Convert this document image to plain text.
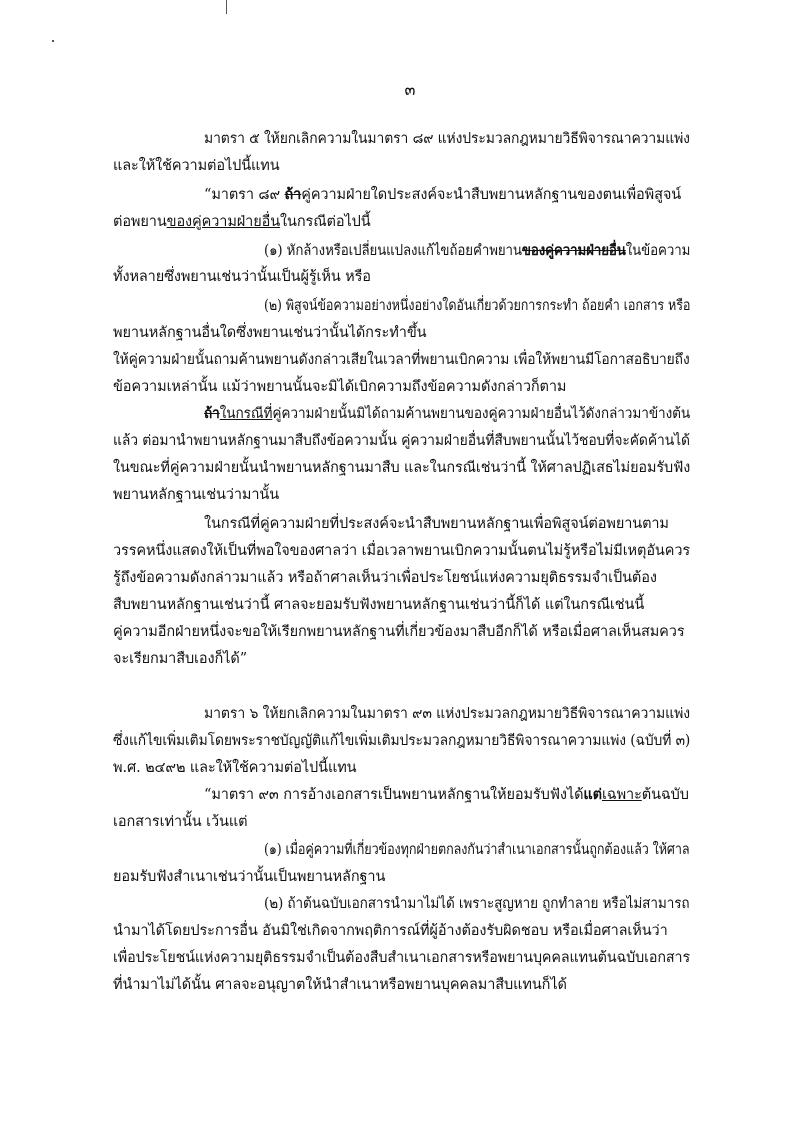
๓
มาตรา ๕ ให้ยกเลิกความในมาตรา ๘๙ แห่งประมวลกฎหมายวิธีพิจารณาความแพ่ง
และให้ใช้ความต่อไปนี้แทน
“มาตรา ๘๙ ถ้าคู่ความฝ่ายใดประสงค์จะนำสืบพยานหลักฐานของตนเพื่อพิสูจน์
ต่อพยานของคู่ความฝ่ายอื่นในกรณีต่อไปนี้
(๑) หักล้างหรือเปลี่ยนแปลงแก้ไขถ้อยคำพยานของคู่ความฝ่ายอื่นในข้อความ
ทั้งหลายซึ่งพยานเช่นว่านั้นเป็นผู้รู้เห็น หรือ
(๒) พิสูจน์ข้อความอย่างหนึ่งอย่างใดอันเกี่ยวด้วยการกระทำ ถ้อยคำ เอกสาร หรือ
พยานหลักฐานอื่นใดซึ่งพยานเช่นว่านั้นได้กระทำขึ้น
ให้คู่ความฝ่ายนั้นถามค้านพยานดังกล่าวเสียในเวลาที่พยานเบิกความ เพื่อให้พยานมีโอกาสอธิบายถึง
ข้อความเหล่านั้น แม้ว่าพยานนั้นจะมิได้เบิกความถึงข้อความดังกล่าวก็ตาม
ถ้าในกรณีที่คู่ความฝ่ายนั้นมิได้ถามค้านพยานของคู่ความฝ่ายอื่นไว้ดังกล่าวมาข้างต้น
แล้ว ต่อมานำพยานหลักฐานมาสืบถึงข้อความนั้น คู่ความฝ่ายอื่นที่สืบพยานนั้นไว้ชอบที่จะคัดค้านได้
ในขณะที่คู่ความฝ่ายนั้นนำพยานหลักฐานมาสืบ และในกรณีเช่นว่านี้ ให้ศาลปฏิเสธไม่ยอมรับฟัง
พยานหลักฐานเช่นว่ามานั้น
ในกรณีที่คู่ความฝ่ายที่ประสงค์จะนำสืบพยานหลักฐานเพื่อพิสูจน์ต่อพยานตาม
วรรคหนึ่งแสดงให้เป็นที่พอใจของศาลว่า เมื่อเวลาพยานเบิกความนั้นตนไม่รู้หรือไม่มีเหตุอันควร
รู้ถึงข้อความดังกล่าวมาแล้ว หรือถ้าศาลเห็นว่าเพื่อประโยชน์แห่งความยุติธรรมจำเป็นต้อง
สืบพยานหลักฐานเช่นว่านี้ ศาลจะยอมรับฟังพยานหลักฐานเช่นว่านี้ก็ได้ แต่ในกรณีเช่นนี้
คู่ความอีกฝ่ายหนึ่งจะขอให้เรียกพยานหลักฐานที่เกี่ยวข้องมาสืบอีกก็ได้ หรือเมื่อศาลเห็นสมควร
จะเรียกมาสืบเองก็ได้”
มาตรา ๖ ให้ยกเลิกความในมาตรา ๙๓ แห่งประมวลกฎหมายวิธีพิจารณาความแพ่ง
ซึ่งแก้ไขเพิ่มเติมโดยพระราชบัญญัติแก้ไขเพิ่มเติมประมวลกฎหมายวิธีพิจารณาความแพ่ง (ฉบับที่ ๓)
พ.ศ. ๒๔๙๒ และให้ใช้ความต่อไปนี้แทน
“มาตรา ๙๓ การอ้างเอกสารเป็นพยานหลักฐานให้ยอมรับฟังได้แต่เฉพาะต้นฉบับ
เอกสารเท่านั้น เว้นแต่
(๑) เมื่อคู่ความที่เกี่ยวข้องทุกฝ่ายตกลงกันว่าสำเนาเอกสารนั้นถูกต้องแล้ว ให้ศาล
ยอมรับฟังสำเนาเช่นว่านั้นเป็นพยานหลักฐาน
(๒) ถ้าต้นฉบับเอกสารนำมาไม่ได้ เพราะสูญหาย ถูกทำลาย หรือไม่สามารถ
นำมาได้โดยประการอื่น อันมิใช่เกิดจากพฤติการณ์ที่ผู้อ้างต้องรับผิดชอบ หรือเมื่อศาลเห็นว่า
เพื่อประโยชน์แห่งความยุติธรรมจำเป็นต้องสืบสำเนาเอกสารหรือพยานบุคคลแทนต้นฉบับเอกสาร
ที่นำมาไม่ได้นั้น ศาลจะอนุญาตให้นำสำเนาหรือพยานบุคคลมาสืบแทนก็ได้
